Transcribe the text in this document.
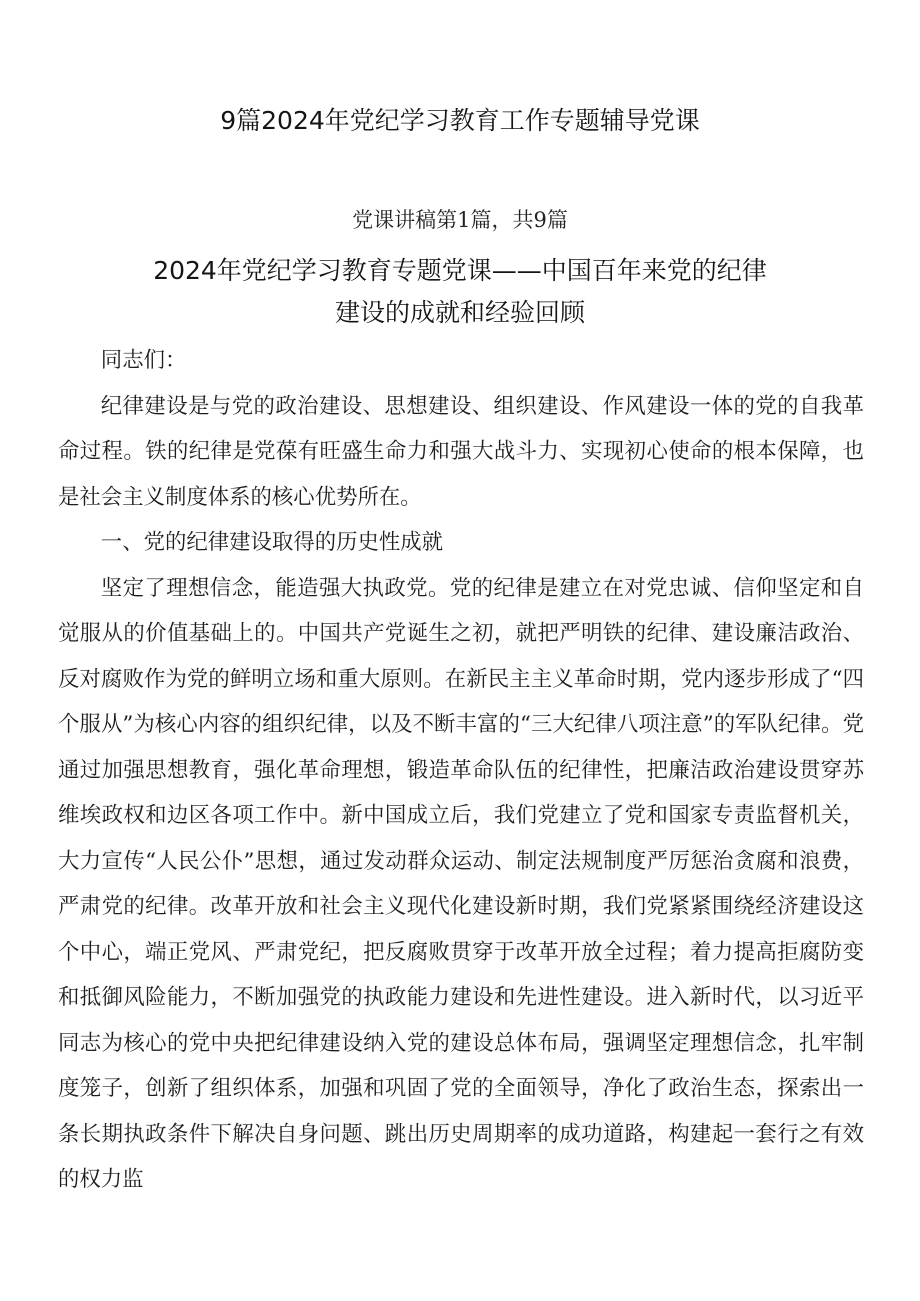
9篇2024年党纪学习教育工作专题辅导党课
党课讲稿第1篇，共9篇
2024年党纪学习教育专题党课——中国百年来党的纪律
建设的成就和经验回顾

同志们：

纪律建设是与党的政治建设、思想建设、组织建设、作风建设一体的党的自我革命过程。铁的纪律是党葆有旺盛生命力和强大战斗力、实现初心使命的根本保障，也是社会主义制度体系的核心优势所在。

一、党的纪律建设取得的历史性成就

坚定了理想信念，能造强大执政党。党的纪律是建立在对党忠诚、信仰坚定和自觉服从的价值基础上的。中国共产党诞生之初，就把严明铁的纪律、建设廉洁政治、反对腐败作为党的鲜明立场和重大原则。在新民主主义革命时期，党内逐步形成了“四个服从”为核心内容的组织纪律，以及不断丰富的“三大纪律八项注意”的军队纪律。党通过加强思想教育，强化革命理想，锻造革命队伍的纪律性，把廉洁政治建设贯穿苏维埃政权和边区各项工作中。新中国成立后，我们党建立了党和国家专责监督机关，大力宣传“人民公仆”思想，通过发动群众运动、制定法规制度严厉惩治贪腐和浪费，严肃党的纪律。改革开放和社会主义现代化建设新时期，我们党紧紧围绕经济建设这个中心，端正党风、严肃党纪，把反腐败贯穿于改革开放全过程；着力提高拒腐防变和抵御风险能力，不断加强党的执政能力建设和先进性建设。进入新时代，以习近平同志为核心的党中央把纪律建设纳入党的建设总体布局，强调坚定理想信念，扎牢制度笼子，创新了组织体系，加强和巩固了党的全面领导，净化了政治生态，探索出一条长期执政条件下解决自身问题、跳出历史周期率的成功道路，构建起一套行之有效的权力监
